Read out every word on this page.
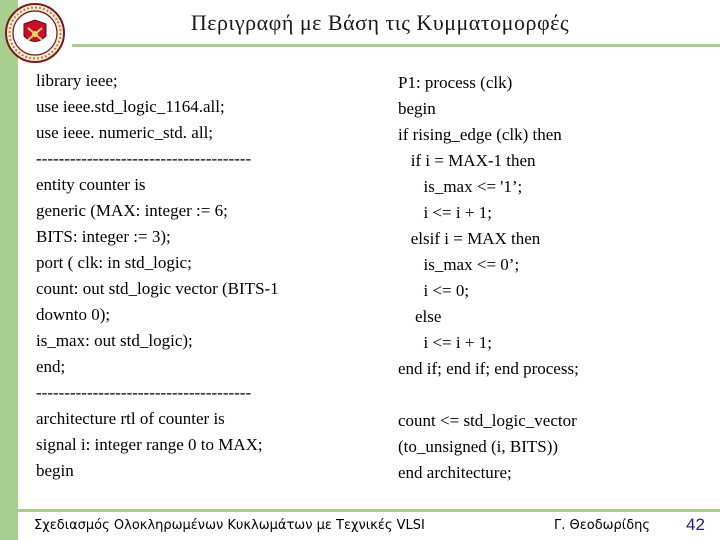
Περιγραφή με Βάση τις Κυμματομορφές
library ieee;
use ieee.std_logic_1164.all;
use ieee. numeric_std. all;
--------------------------------------
entity counter is
generic (MAX: integer := 6;
BITS: integer := 3);
port ( clk: in std_logic;
count: out std_logic vector (BITS-1
downto 0);
is_max: out std_logic);
end;
--------------------------------------
architecture rtl of counter is
signal i: integer range 0 to MAX;
begin
P1: process (clk)
begin
if rising_edge (clk) then
if i = MAX-1 then
is_max <= '1’;
i <= i + 1;
elsif i = MAX then
is_max <= 0’;
i <= 0;
else
i <= i + 1;
end if; end if; end process;
count <= std_logic_vector
(to_unsigned (i, BITS))
end architecture;
Σχεδιασμός Ολοκληρωμένων Κυκλωμάτων με Τεχνικές VLSI	Γ. Θεοδωρίδης 42
